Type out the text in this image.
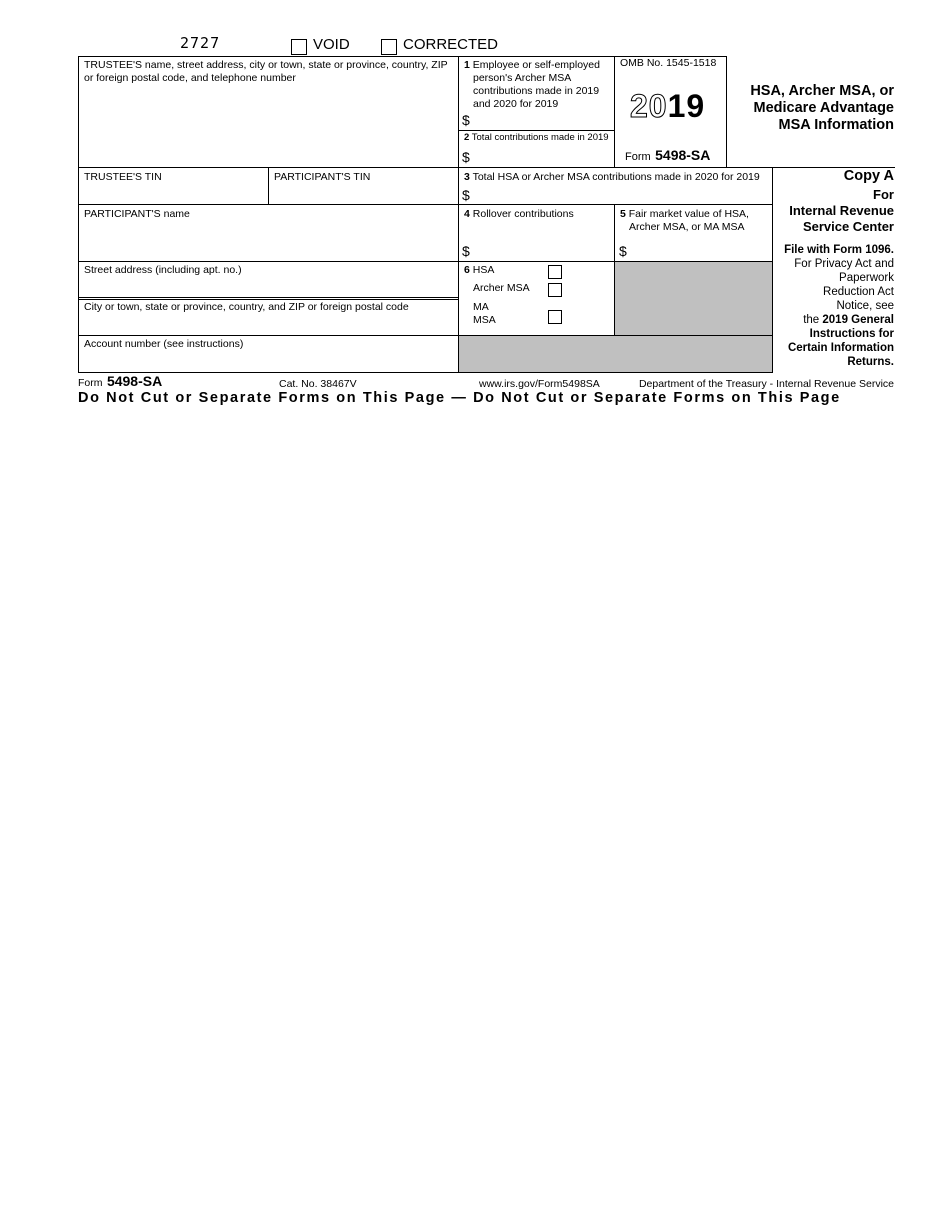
2727	VOID	CORRECTED
TRUSTEE'S name, street address, city or town, state or province, country, ZIP or foreign postal code, and telephone number
1 Employee or self-employed
person's Archer MSA
contributions made in 2019
and 2020 for 2019
$
2 Total contributions made in 2019
$
OMB No. 1545-1518
2019
Form 5498-SA
HSA, Archer MSA, or
Medicare Advantage
MSA Information
TRUSTEE'S TIN	PARTICIPANT'S TIN	3 Total HSA or Archer MSA contributions made in 2020 for 2019
$
PARTICIPANT'S name	4 Rollover contributions
$
5 Fair market value of HSA,
Archer MSA, or MA MSA
$
Street address (including apt. no.)
City or town, state or province, country, and ZIP or foreign postal code
6 HSA
Archer MSA
MA
MSA
Account number (see instructions)
Copy A
For
Internal Revenue
Service Center
File with Form 1096.
For Privacy Act and
Paperwork
Reduction Act
Notice, see
the 2019 General
Instructions for
Certain Information
Returns.
Form 5498-SA	Cat. No. 38467V	www.irs.gov/Form5498SA	Department of the Treasury - Internal Revenue Service
Do Not Cut or Separate Forms on This Page — Do Not Cut or Separate Forms on This Page
